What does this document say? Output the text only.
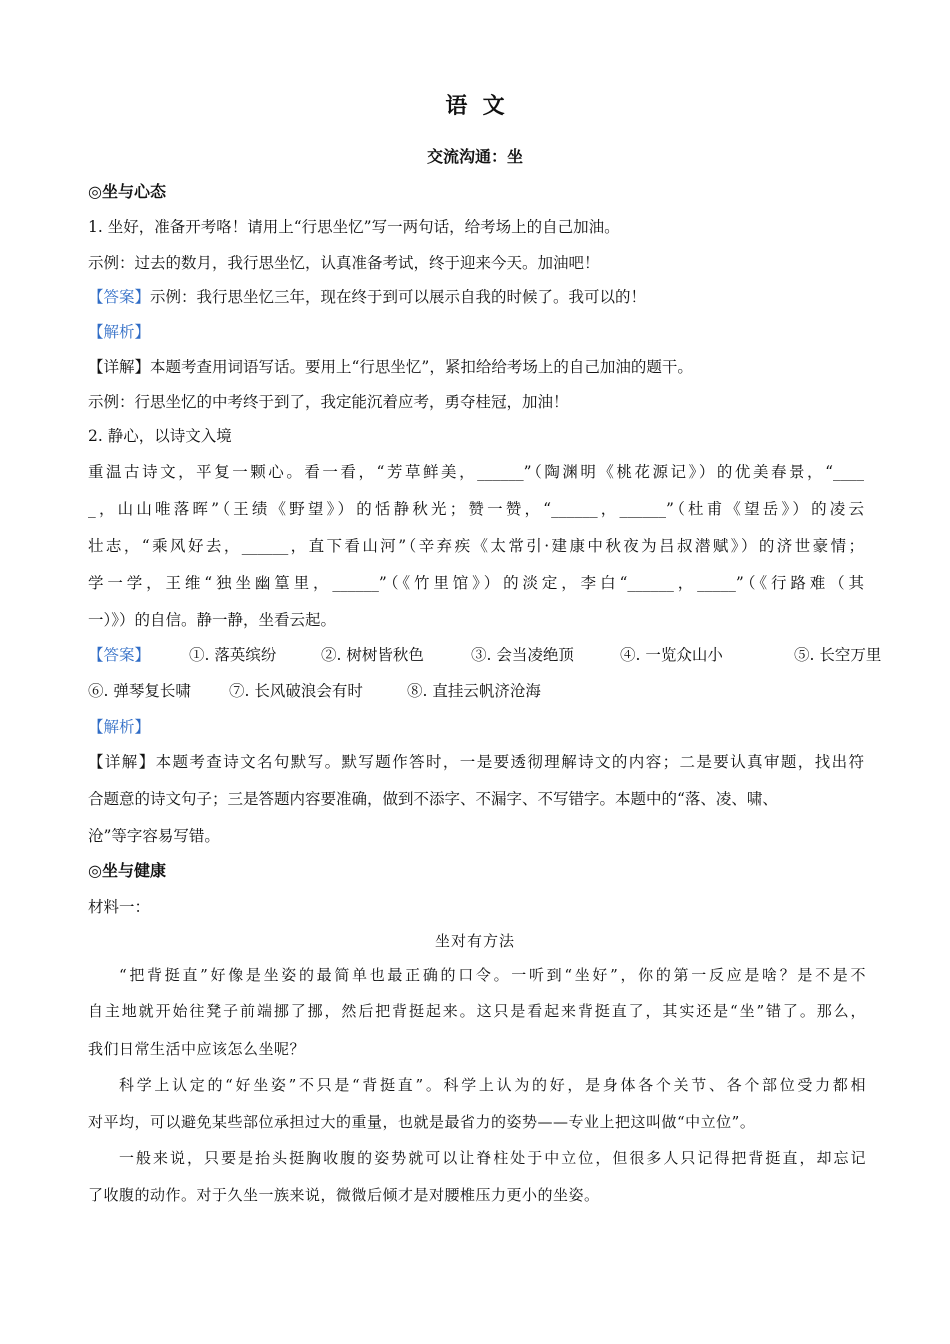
语  文
交流沟通：坐
◎坐与心态
1. 坐好，准备开考咯！请用上“行思坐忆”写一两句话，给考场上的自己加油。
示例：过去的数月，我行思坐忆，认真准备考试，终于迎来今天。加油吧！
【答案】示例：我行思坐忆三年，现在终于到可以展示自我的时候了。我可以的！
【解析】
【详解】本题考查用词语写话。要用上“行思坐忆”，紧扣给给考场上的自己加油的题干。
示例：行思坐忆的中考终于到了，我定能沉着应考，勇夺桂冠，加油！
2. 静心，以诗文入境
重温古诗文，平复一颗心。看一看，“芳草鲜美，______”（陶渊明《桃花源记》）的优美春景，“____
_，山山唯落晖”（王绩《野望》）的恬静秋光；赞一赞，“______，______”（杜甫《望岳》）的凌云
壮志，“乘风好去，______，直下看山河”（辛弃疾《太常引·建康中秋夜为吕叔潜赋》）的济世豪情；
学一学，王维“独坐幽篁里，______”（《竹里馆》）的淡定，李白“______，_____”（《行路难（其
一）》）的自信。静一静，坐看云起。
【答案】	①. 落英缤纷	②. 树树皆秋色	③. 会当凌绝顶	④. 一览众山小	⑤. 长空万里
⑥. 弹琴复长啸 ⑦. 长风破浪会有时	⑧. 直挂云帆济沧海
【解析】
【详解】本题考查诗文名句默写。默写题作答时，一是要透彻理解诗文的内容；二是要认真审题，找出符
合题意的诗文句子；三是答题内容要准确，做到不添字、不漏字、不写错字。本题中的“落、凌、啸、
沧”等字容易写错。
◎坐与健康
材料一：
坐对有方法
“把背挺直”好像是坐姿的最简单也最正确的口令。一听到“坐好”，你的第一反应是啥？是不是不
自主地就开始往凳子前端挪了挪，然后把背挺起来。这只是看起来背挺直了，其实还是“坐”错了。那么，
我们日常生活中应该怎么坐呢？
科学上认定的“好坐姿”不只是“背挺直”。科学上认为的好，是身体各个关节、各个部位受力都相
对平均，可以避免某些部位承担过大的重量，也就是最省力的姿势——专业上把这叫做“中立位”。
一般来说，只要是抬头挺胸收腹的姿势就可以让脊柱处于中立位，但很多人只记得把背挺直，却忘记
了收腹的动作。对于久坐一族来说，微微后倾才是对腰椎压力更小的坐姿。
